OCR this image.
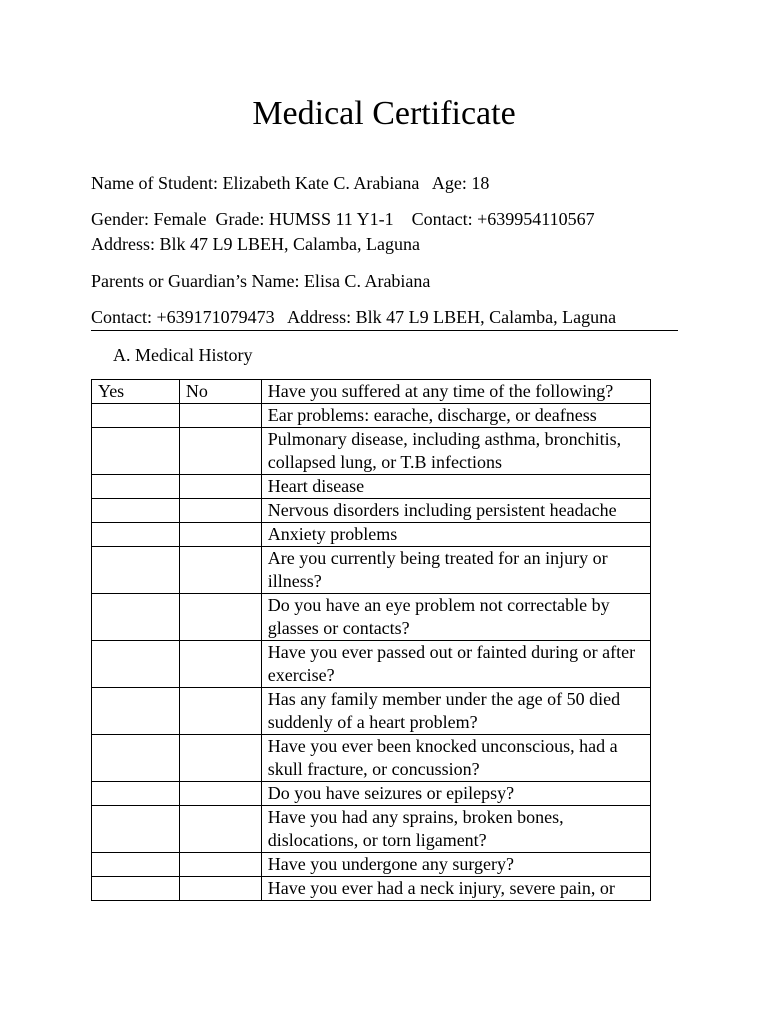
Medical Certificate
Name of Student: Elizabeth Kate C. Arabiana   Age: 18
Gender: Female  Grade: HUMSS 11 Y1-1    Contact: +639954110567
Address: Blk 47 L9 LBEH, Calamba, Laguna
Parents or Guardian’s Name: Elisa C. Arabiana
Contact: +639171079473   Address: Blk 47 L9 LBEH, Calamba, Laguna
A. Medical History
Yes	No	Have you suffered at any time of the following?
		Ear problems: earache, discharge, or deafness
		Pulmonary disease, including asthma, bronchitis, collapsed lung, or T.B infections
		Heart disease
		Nervous disorders including persistent headache
		Anxiety problems
		Are you currently being treated for an injury or illness?
		Do you have an eye problem not correctable by glasses or contacts?
		Have you ever passed out or fainted during or after exercise?
		Has any family member under the age of 50 died suddenly of a heart problem?
		Have you ever been knocked unconscious, had a skull fracture, or concussion?
		Do you have seizures or epilepsy?
		Have you had any sprains, broken bones, dislocations, or torn ligament?
		Have you undergone any surgery?
		Have you ever had a neck injury, severe pain, or
